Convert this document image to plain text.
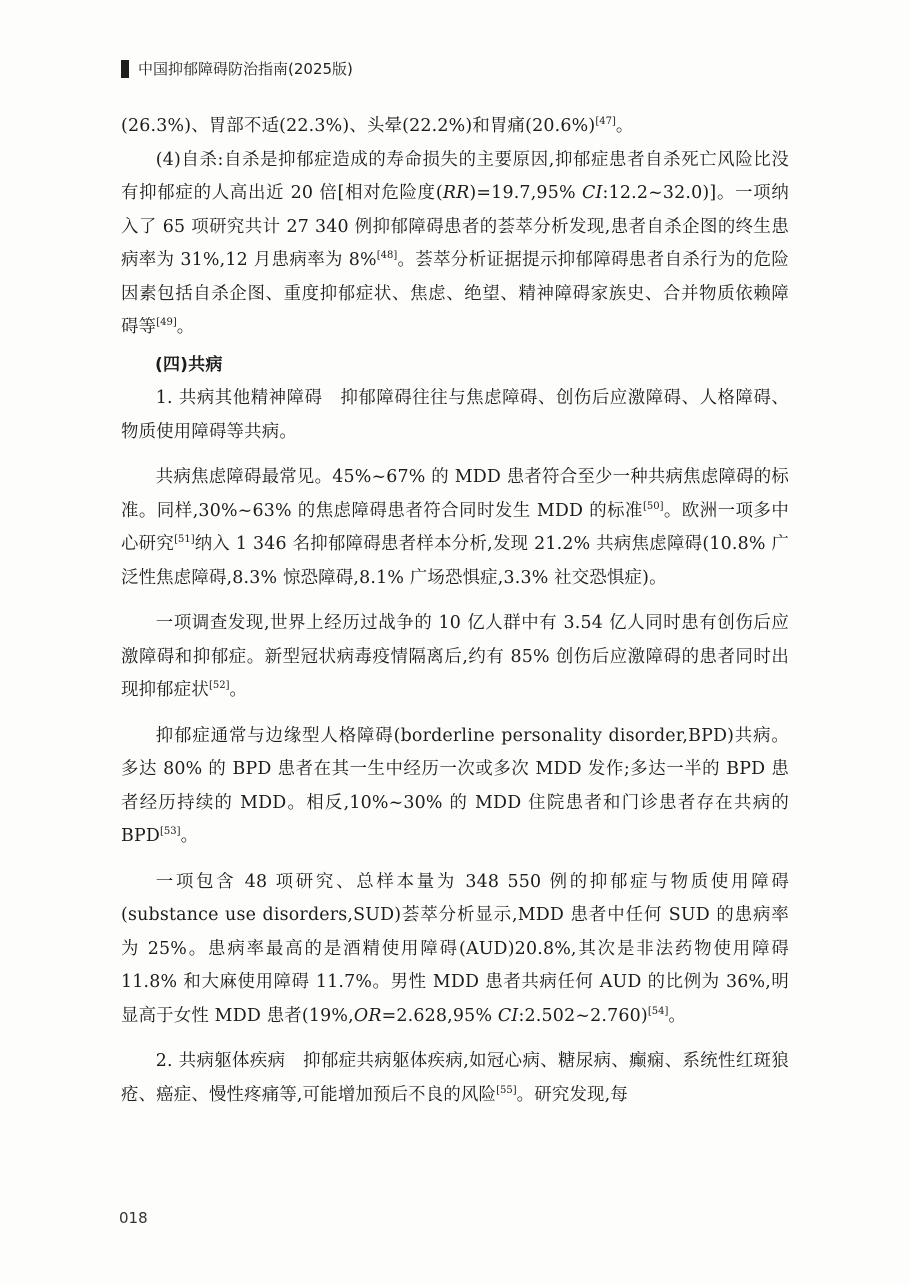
中国抑郁障碍防治指南(2025版)

(26.3%)、胃部不适(22.3%)、头晕(22.2%)和胃痛(20.6%)[47]。

(4)自杀:自杀是抑郁症造成的寿命损失的主要原因,抑郁症患者自杀死亡风险比没有抑郁症的人高出近 20 倍[相对危险度(RR)=19.7,95% CI:12.2~32.0)]。一项纳入了 65 项研究共计 27 340 例抑郁障碍患者的荟萃分析发现,患者自杀企图的终生患病率为 31%,12 月患病率为 8%[48]。荟萃分析证据提示抑郁障碍患者自杀行为的危险因素包括自杀企图、重度抑郁症状、焦虑、绝望、精神障碍家族史、合并物质依赖障碍等[49]。

(四)共病

1. 共病其他精神障碍　抑郁障碍往往与焦虑障碍、创伤后应激障碍、人格障碍、物质使用障碍等共病。

共病焦虑障碍最常见。45%~67% 的 MDD 患者符合至少一种共病焦虑障碍的标准。同样,30%~63% 的焦虑障碍患者符合同时发生 MDD 的标准[50]。欧洲一项多中心研究[51]纳入 1 346 名抑郁障碍患者样本分析,发现 21.2% 共病焦虑障碍(10.8% 广泛性焦虑障碍,8.3% 惊恐障碍,8.1% 广场恐惧症,3.3% 社交恐惧症)。

一项调查发现,世界上经历过战争的 10 亿人群中有 3.54 亿人同时患有创伤后应激障碍和抑郁症。新型冠状病毒疫情隔离后,约有 85% 创伤后应激障碍的患者同时出现抑郁症状[52]。

抑郁症通常与边缘型人格障碍(borderline personality disorder,BPD)共病。多达 80% 的 BPD 患者在其一生中经历一次或多次 MDD 发作;多达一半的 BPD 患者经历持续的 MDD。相反,10%~30% 的 MDD 住院患者和门诊患者存在共病的 BPD[53]。

一项包含 48 项研究、总样本量为 348 550 例的抑郁症与物质使用障碍(substance use disorders,SUD)荟萃分析显示,MDD 患者中任何 SUD 的患病率为 25%。患病率最高的是酒精使用障碍(AUD)20.8%,其次是非法药物使用障碍 11.8% 和大麻使用障碍 11.7%。男性 MDD 患者共病任何 AUD 的比例为 36%,明显高于女性 MDD 患者(19%,OR=2.628,95% CI:2.502~2.760)[54]。

2. 共病躯体疾病　抑郁症共病躯体疾病,如冠心病、糖尿病、癫痫、系统性红斑狼疮、癌症、慢性疼痛等,可能增加预后不良的风险[55]。研究发现,每

018
